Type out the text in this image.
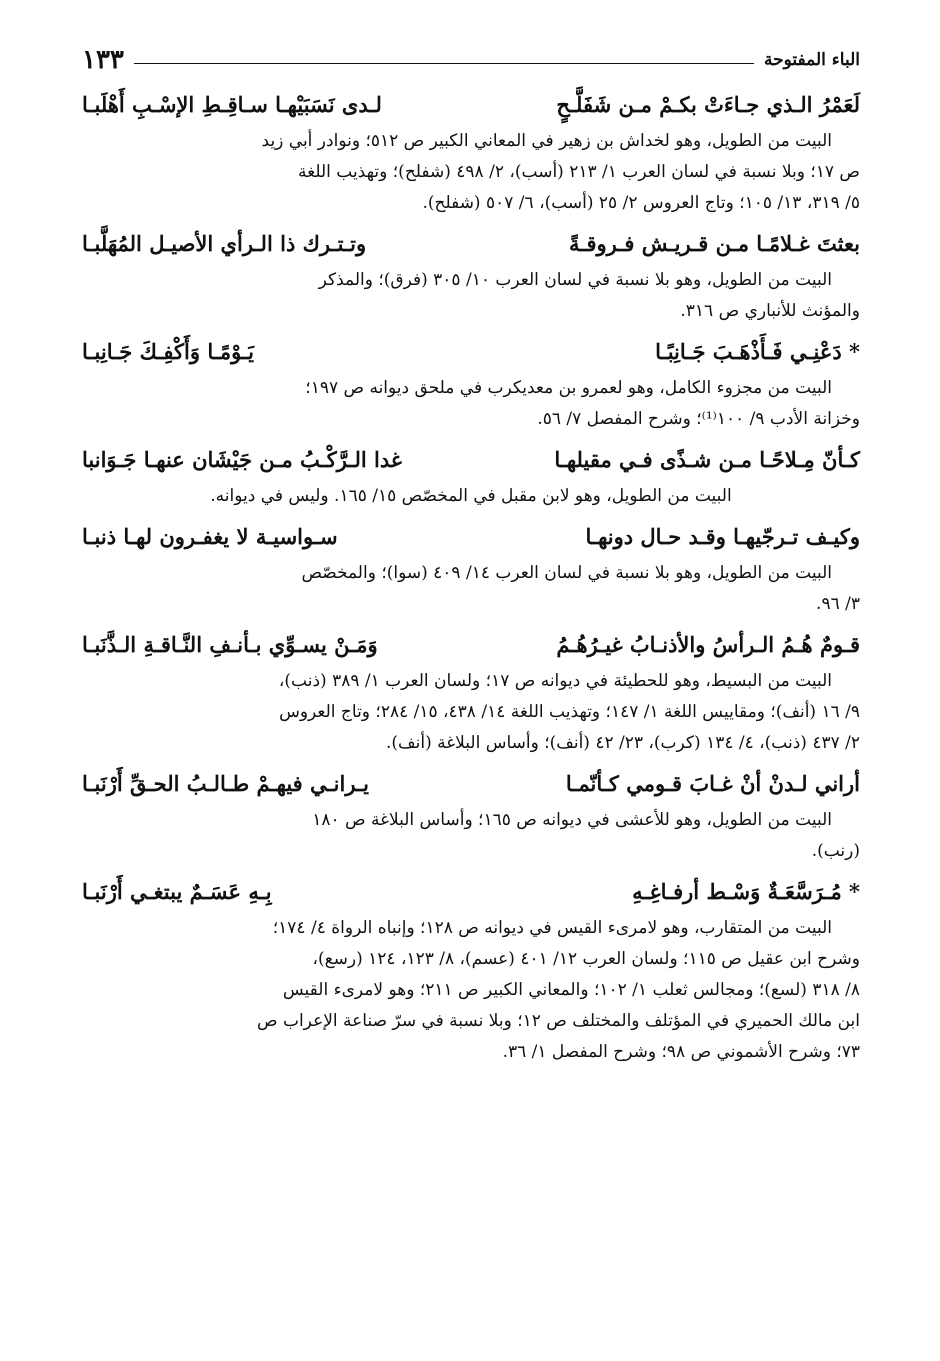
الباء المفتوحة
١٣٣
لَعَمْرُ الـذي جـاءَتْ بكـمْ مـن شَفَلَّـحٍ
لـدى نَسَبَيْهـا سـاقِـطِ الإسْـبِ أَهْلَبـا

البيت من الطويل، وهو لخداش بن زهير في المعاني الكبير ص ٥١٢؛ ونوادر أبي زيد

ص ١٧؛ وبلا نسبة في لسان العرب ١/ ٢١٣ (أسب)، ٢/ ٤٩٨ (شفلح)؛ وتهذيب اللغة

٥/ ٣١٩، ١٣/ ١٠٥؛ وتاج العروس ٢/ ٢٥ (أسب)، ٦/ ٥٠٧ (شفلح).

بعثتَ غـلامًـا مـن قـريـش فـروقـةً
وتـتـرك ذا الـرأي الأصيـل المُهَلَّبـا

البيت من الطويل، وهو بلا نسبة في لسان العرب ١٠/ ٣٠٥ (فرق)؛ والمذكر

والمؤنث للأنباري ص ٣١٦.

* دَعْنِـي فَـأَذْهَـبَ جَـانِبًـا
يَـوْمًـا وَأَكْفِـكَ جَـانِبـا

البيت من مجزوء الكامل، وهو لعمرو بن معديكرب في ملحق ديوانه ص ١٩٧؛

وخزانة الأدب ٩/ ١٠٠⁽¹⁾؛ وشرح المفصل ٧/ ٥٦.

كـأنّ مِـلاحًـا مـن شـذًى فـي مقيلهـا
غدا الـرَّكْـبُ مـن جَيْشَان عنهـا جَـوَانبا

البيت من الطويل، وهو لابن مقبل في المخصّص ١٥/ ١٦٥. وليس في ديوانه.

وكيـف تـرجّيهـا وقـد حـال دونهـا
سـواسيـة لا يغفـرون لهـا ذنبـا

البيت من الطويل، وهو بلا نسبة في لسان العرب ١٤/ ٤٠٩ (سوا)؛ والمخصّص

٣/ ٩٦.

قـومٌ هُـمُ الـرأسُ والأذنـابُ غيـرُهُـمُ
وَمَـنْ يسـوِّي بـأنـفِ النَّـاقـةِ الـذَّنَبـا

البيت من البسيط، وهو للحطيئة في ديوانه ص ١٧؛ ولسان العرب ١/ ٣٨٩ (ذنب)،

٩/ ١٦ (أنف)؛ ومقاييس اللغة ١/ ١٤٧؛ وتهذيب اللغة ١٤/ ٤٣٨، ١٥/ ٢٨٤؛ وتاج العروس

٢/ ٤٣٧ (ذنب)، ٤/ ١٣٤ (كرب)، ٢٣/ ٤٢ (أنف)؛ وأساس البلاغة (أنف).

أراني لـدنْ أنْ غـابَ قـومي كـأنّمـا
يـرانـي فيهـمْ طـالـبُ الحـقِّ أَرْنَبـا

البيت من الطويل، وهو للأعشى في ديوانه ص ١٦٥؛ وأساس البلاغة ص ١٨٠

(رنب).

* مُـرَسَّعَـةٌ وَسْـط أرفـاغِـهِ
بِـهِ عَسَـمٌ يبتغـي أَرْنَبـا

البيت من المتقارب، وهو لامرىء القيس في ديوانه ص ١٢٨؛ وإنباه الرواة ٤/ ١٧٤؛

وشرح ابن عقيل ص ١١٥؛ ولسان العرب ١٢/ ٤٠١ (عسم)، ٨/ ١٢٣، ١٢٤ (رسع)،

٨/ ٣١٨ (لسع)؛ ومجالس ثعلب ١/ ١٠٢؛ والمعاني الكبير ص ٢١١؛ وهو لامرىء القيس

ابن مالك الحميري في المؤتلف والمختلف ص ١٢؛ وبلا نسبة في سرّ صناعة الإعراب ص

٧٣؛ وشرح الأشموني ص ٩٨؛ وشرح المفصل ١/ ٣٦.
